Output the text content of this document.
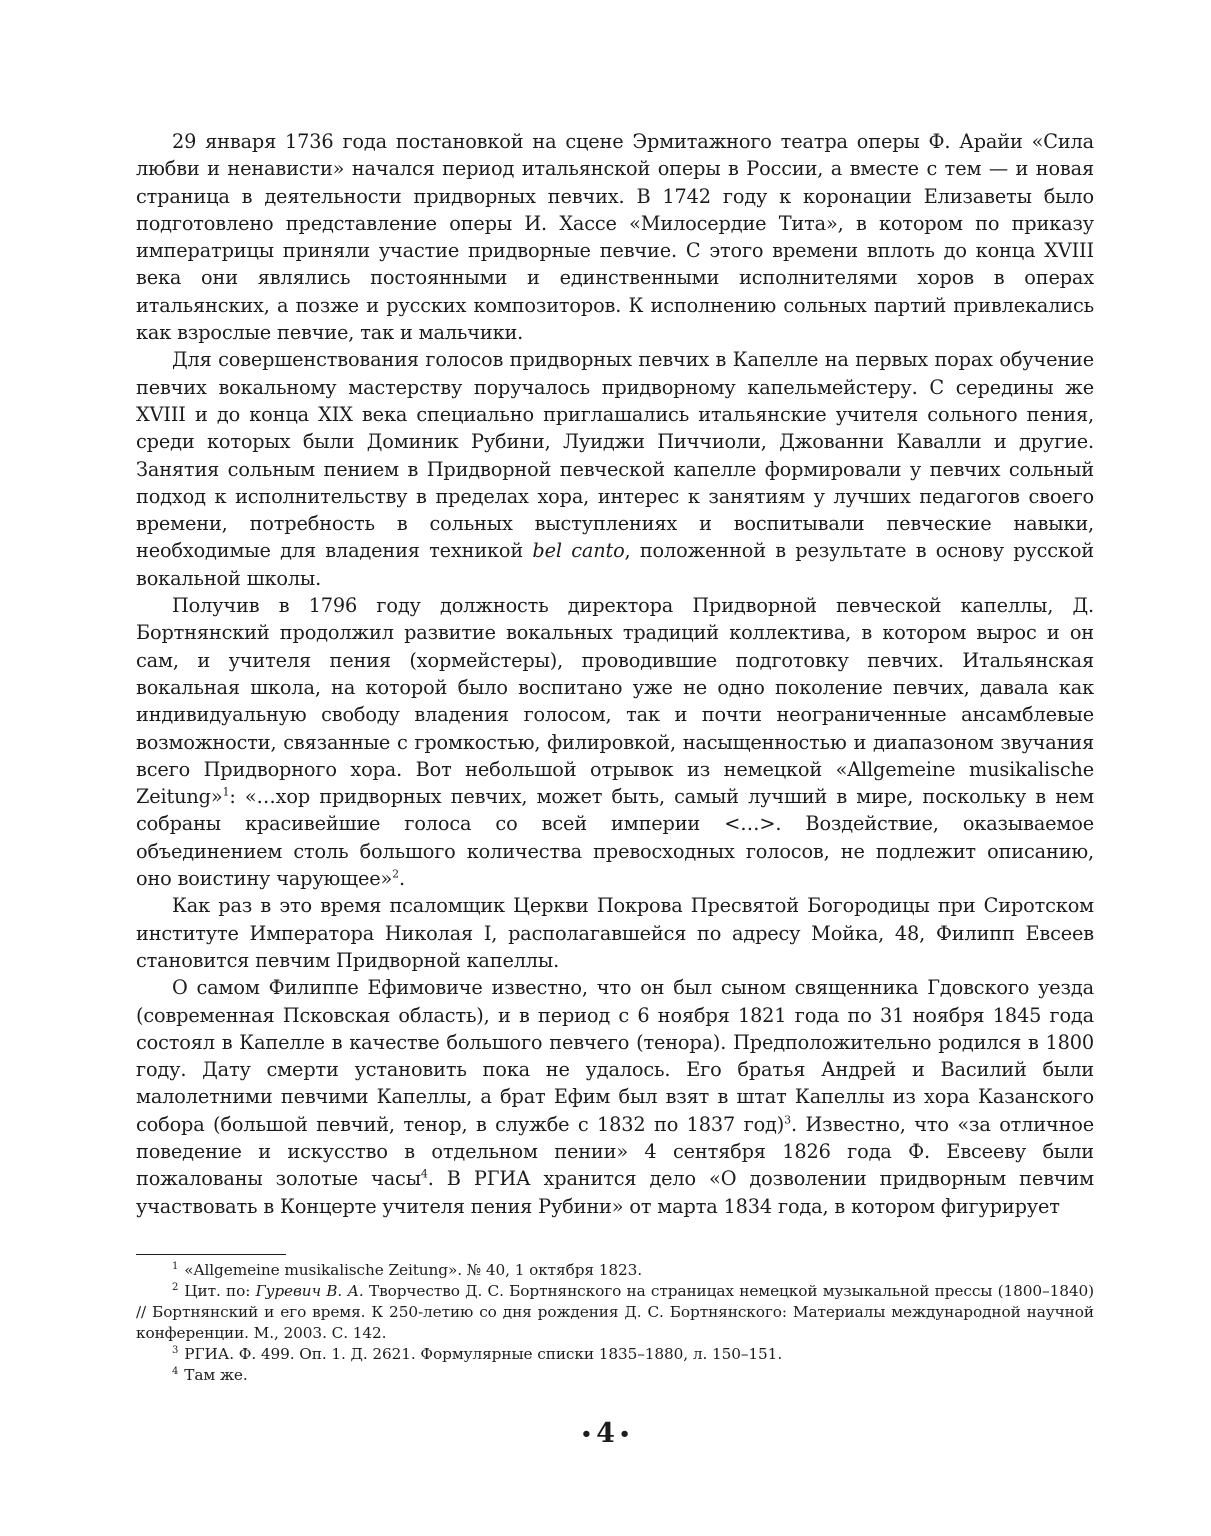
29 января 1736 года постановкой на сцене Эрмитажного театра оперы Ф. Арайи «Сила любви и ненависти» начался период итальянской оперы в России, а вместе с тем — и новая страница в деятельности придворных певчих. В 1742 году к коронации Елизаветы было подготовлено представление оперы И. Хассе «Милосердие Тита», в котором по приказу императрицы приняли участие придворные певчие. С этого времени вплоть до конца XVIII века они являлись постоянными и единственными исполнителями хоров в операх итальянских, а позже и русских композиторов. К исполнению сольных партий привлекались как взрослые певчие, так и мальчики.

Для совершенствования голосов придворных певчих в Капелле на первых порах обучение певчих вокальному мастерству поручалось придворному капельмейстеру. С середины же XVIII и до конца XIX века специально приглашались итальянские учителя сольного пения, среди которых были Доминик Рубини, Луиджи Пиччиоли, Джованни Кавалли и другие. Занятия сольным пением в Придворной певческой капелле формировали у певчих сольный подход к исполнительству в пределах хора, интерес к занятиям у лучших педагогов своего времени, потребность в сольных выступлениях и воспитывали певческие навыки, необходимые для владения техникой bel canto, положенной в результате в основу русской вокальной школы.

Получив в 1796 году должность директора Придворной певческой капеллы, Д. Бортнянский продолжил развитие вокальных традиций коллектива, в котором вырос и он сам, и учителя пения (хормейстеры), проводившие подготовку певчих. Итальянская вокальная школа, на которой было воспитано уже не одно поколение певчих, давала как индивидуальную свободу владения голосом, так и почти неограниченные ансамблевые возможности, связанные с громкостью, филировкой, насыщенностью и диапазоном звучания всего Придворного хора. Вот небольшой отрывок из немецкой «Allgemeine musikalische Zeitung»$^1$: «…хор придворных певчих, может быть, самый лучший в мире, поскольку в нем собраны красивейшие голоса со всей империи <…>. Воздействие, оказываемое объединением столь большого количества превосходных голосов, не подлежит описанию, оно воистину чарующее»$^2$.

Как раз в это время псаломщик Церкви Покрова Пресвятой Богородицы при Сиротском институте Императора Николая I, располагавшейся по адресу Мойка, 48, Филипп Евсеев становится певчим Придворной капеллы.

О самом Филиппе Ефимовиче известно, что он был сыном священника Гдовского уезда (современная Псковская область), и в период с 6 ноября 1821 года по 31 ноября 1845 года состоял в Капелле в качестве большого певчего (тенора). Предположительно родился в 1800 году. Дату смерти установить пока не удалось. Его братья Андрей и Василий были малолетними певчими Капеллы, а брат Ефим был взят в штат Капеллы из хора Казанского собора (большой певчий, тенор, в службе с 1832 по 1837 год)$^3$. Известно, что «за отличное поведение и искусство в отдельном пении» 4 сентября 1826 года Ф. Евсееву были пожалованы золотые часы$^4$. В РГИА хранится дело «О дозволении придворным певчим участвовать в Концерте учителя пения Рубини» от марта 1834 года, в котором фигурирует

$^1$ «Allgemeine musikalische Zeitung». № 40, 1 октября 1823.

$^2$ Цит. по: Гуревич В. А. Творчество Д. С. Бортнянского на страницах немецкой музыкальной прессы (1800–1840) // Бортнянский и его время. К 250-летию со дня рождения Д. С. Бортнянского: Материалы международной научной конференции. М., 2003. С. 142.

$^3$ РГИА. Ф. 499. Оп. 1. Д. 2621. Формулярные списки 1835–1880, л. 150–151.

$^4$ Там же.

• 4 •
